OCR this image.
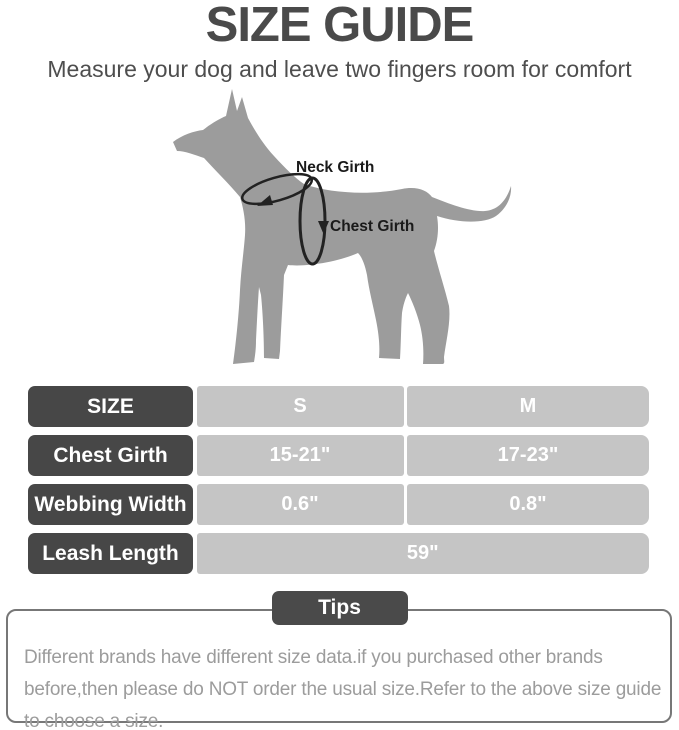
SIZE GUIDE

Measure your dog and leave two fingers room for comfort

Neck Girth
Chest Girth
SIZE	S	M
Chest Girth	15-21"	17-23"
Webbing Width	0.6"	0.8"
Leash Length	59"
Tips

Different brands have different size data.if you purchased other brands before,then please do NOT order the usual size.Refer to the above size guide to choose a size.
